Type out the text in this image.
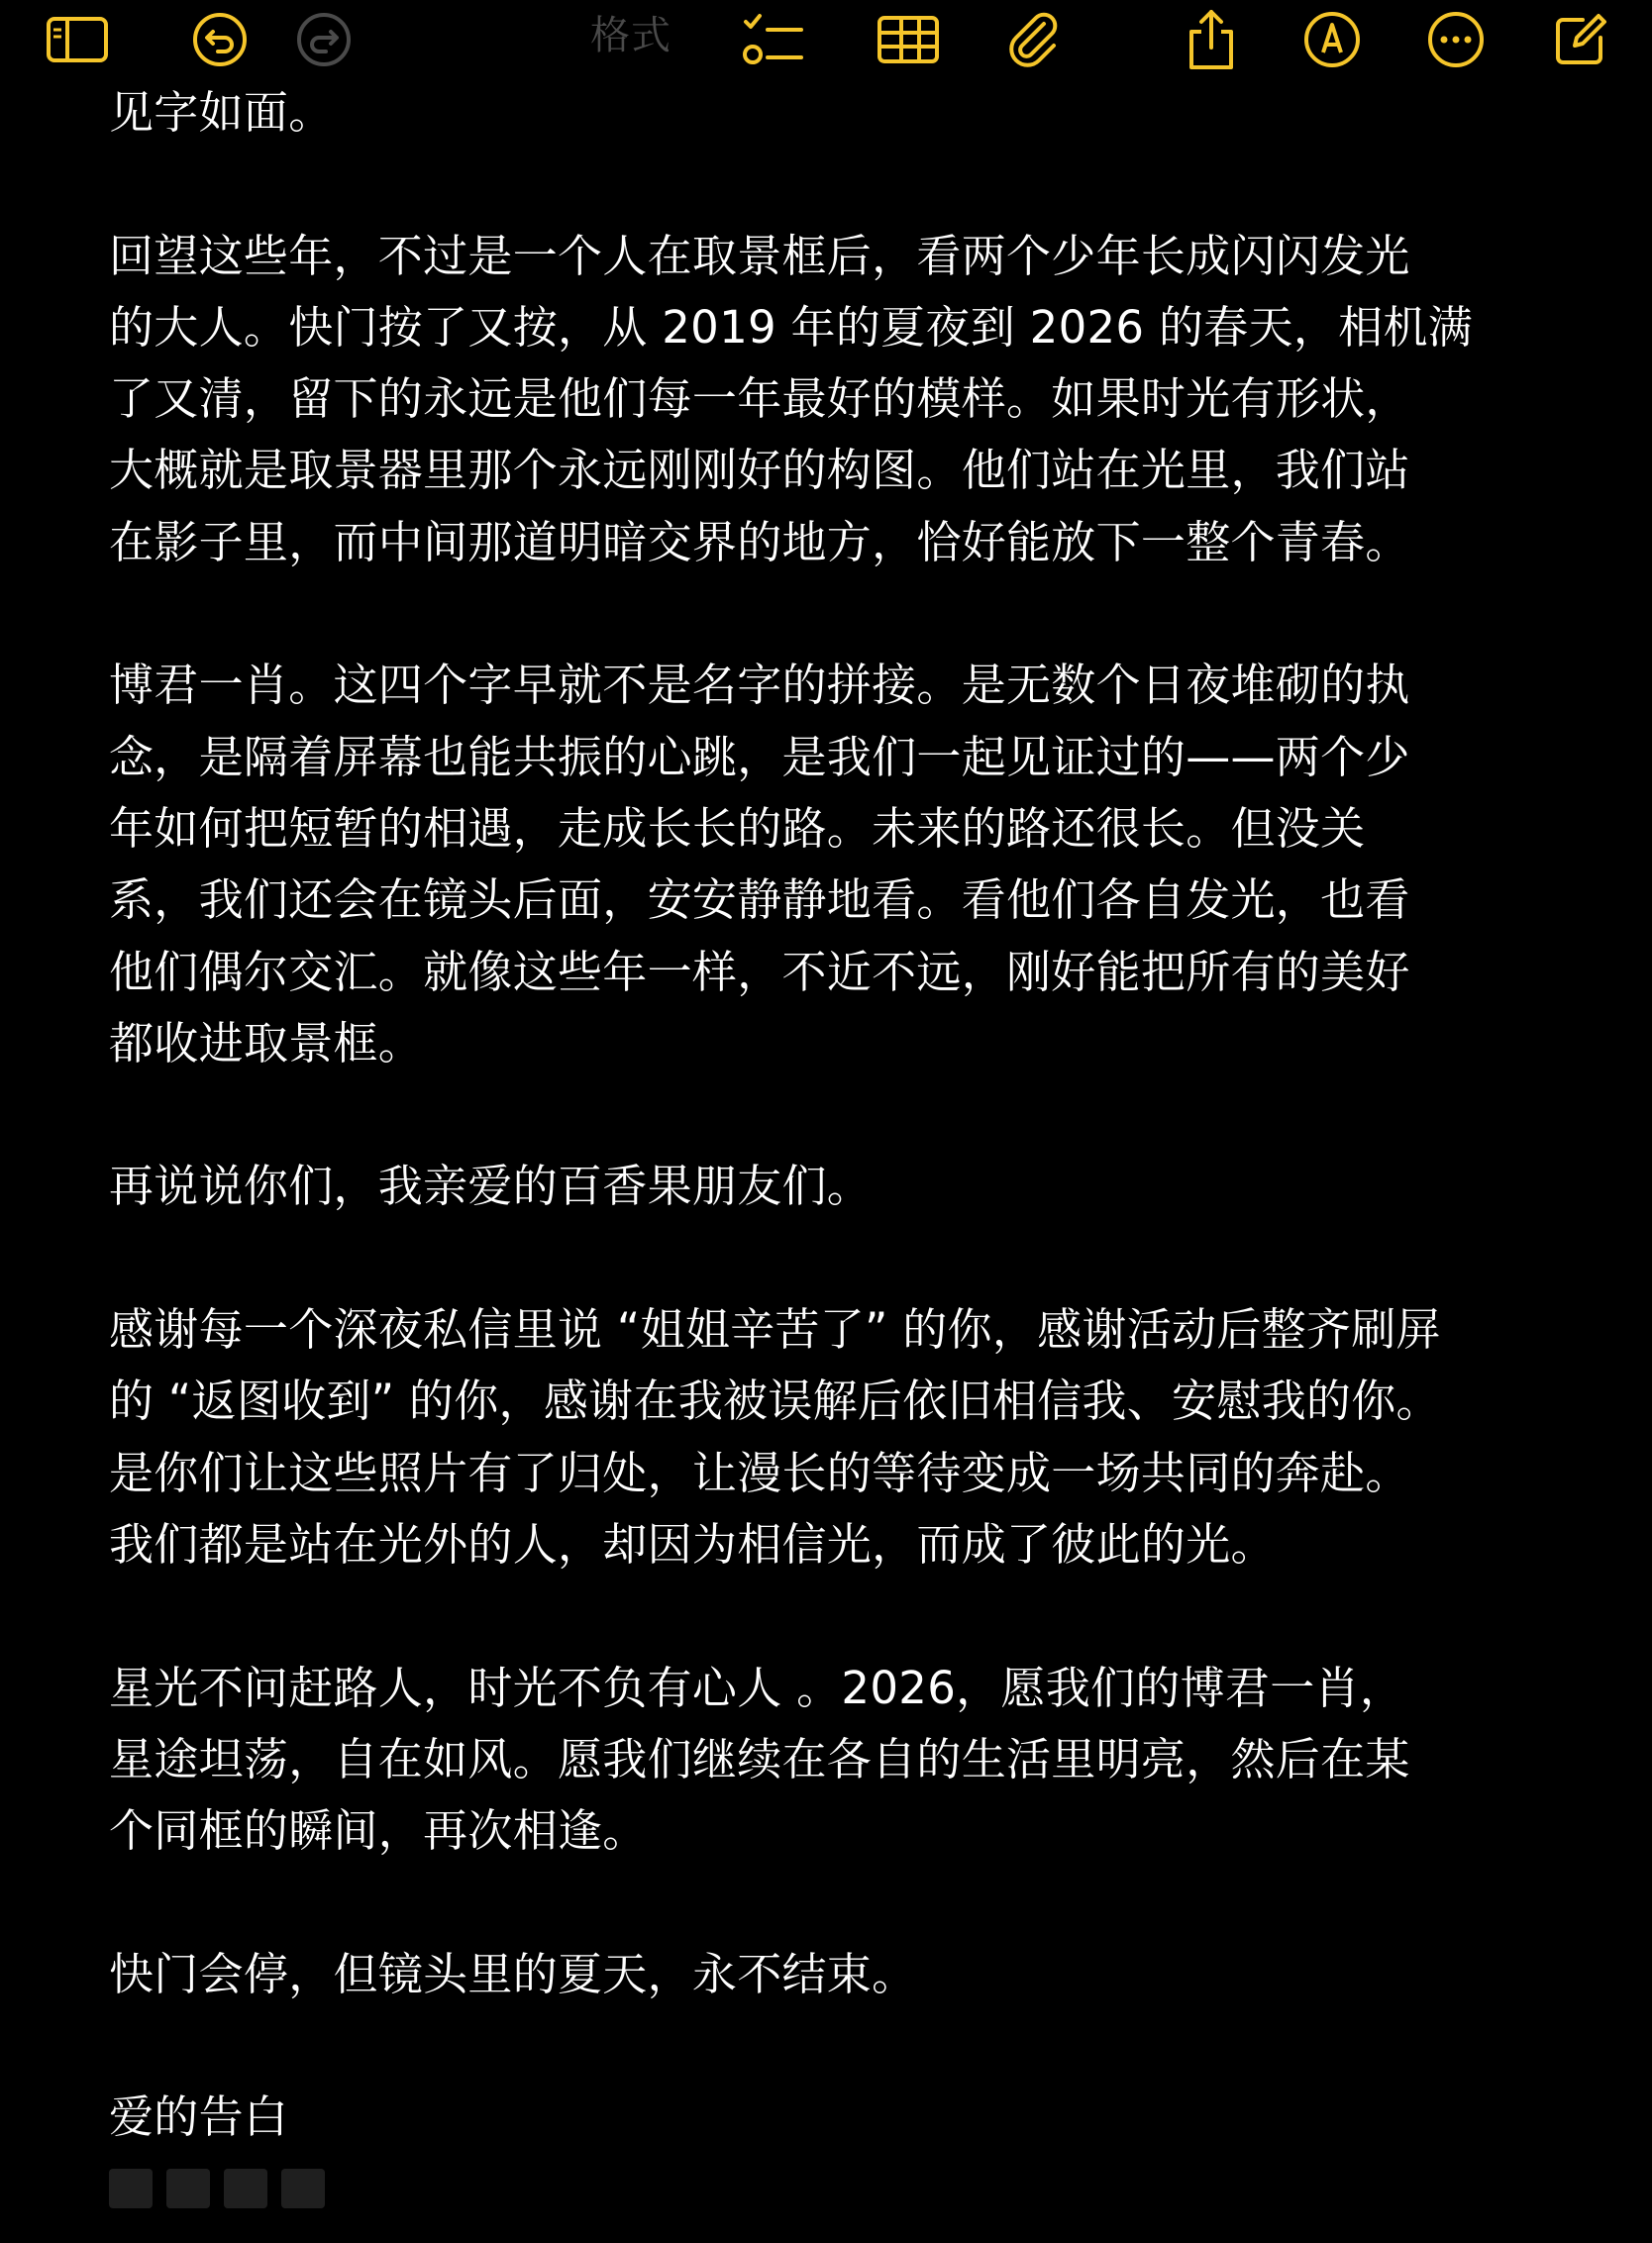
格式

见字如面。

回望这些年，不过是一个人在取景框后，看两个少年长成闪闪发光
的大人。快门按了又按，从 2019 年的夏夜到 2026 的春天，相机满
了又清，留下的永远是他们每一年最好的模样。如果时光有形状，
大概就是取景器里那个永远刚刚好的构图。他们站在光里，我们站
在影子里，而中间那道明暗交界的地方，恰好能放下一整个青春。

博君一肖。这四个字早就不是名字的拼接。是无数个日夜堆砌的执
念，是隔着屏幕也能共振的心跳，是我们一起见证过的——两个少
年如何把短暂的相遇，走成长长的路。未来的路还很长。但没关
系，我们还会在镜头后面，安安静静地看。看他们各自发光，也看
他们偶尔交汇。就像这些年一样，不近不远，刚好能把所有的美好
都收进取景框。

再说说你们，我亲爱的百香果朋友们。

感谢每一个深夜私信里说 “姐姐辛苦了” 的你，感谢活动后整齐刷屏
的 “返图收到” 的你，感谢在我被误解后依旧相信我、安慰我的你。
是你们让这些照片有了归处，让漫长的等待变成一场共同的奔赴。
我们都是站在光外的人，却因为相信光，而成了彼此的光。

星光不问赶路人，时光不负有心人 。2026，愿我们的博君一肖，
星途坦荡，自在如风。愿我们继续在各自的生活里明亮，然后在某
个同框的瞬间，再次相逢。

快门会停，但镜头里的夏天，永不结束。

爱的告白
